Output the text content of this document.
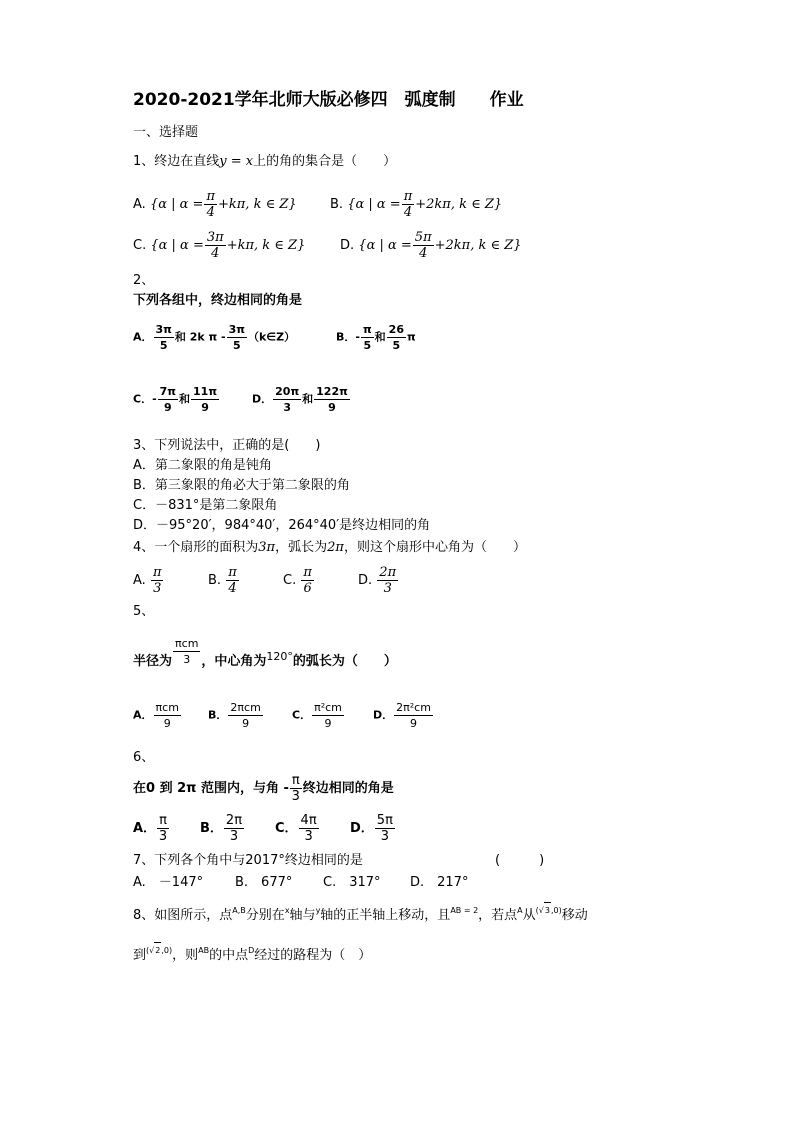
2020-2021学年北师大版必修四　弧度制　　作业
一、选择题
1、终边在直线y = x上的角的集合是（　　）
A. {α | $\alpha = \frac{\pi}{4} +k\pi$, k ∈ Z}	B. {α | $\alpha = \frac{\pi}{4} +2k\pi$, k ∈ Z}
C. {α | $\alpha = \frac{3\pi}{4} +k\pi$, k ∈ Z}	D. {α | $\alpha = \frac{5\pi}{4} +2k\pi$, k ∈ Z}
2、
下列各组中，终边相同的角是
A． $\frac{3\pi}{5}$ 和 2k π - $\frac{3\pi}{5}$ （k∈Z）	B．- $\frac{\pi}{5}$ 和 $\frac{26}{5}$ π
C．- $\frac{7\pi}{9}$ 和 $\frac{11\pi}{9}$	D． $\frac{20\pi}{3}$ 和 $\frac{122\pi}{9}$
3、下列说法中，正确的是(　　)
A．第二象限的角是钝角
B．第三象限的角必大于第二象限的角
C．－831°是第二象限角
D．－95°20′，984°40′，264°40′是终边相同的角
4、一个扇形的面积为3π，弧长为2π，则这个扇形中心角为（　　）
A. $\frac{\pi}{3}$	B. $\frac{\pi}{4}$	C. $\frac{\pi}{6}$	D. $\frac{2\pi}{3}$
5、
半径为
πcm
3 ，中心角为$^{120^\circ}$的弧长为（　　）
A．
πcm
9
B．
2πcm
9
C． $\frac{\text{π²cm}}{9}$	D． $\frac{\text{2π²cm}}{9}$
6、
在0 到 2π 范围内，与角 - $\frac{\pi}{3}$ 终边相同的角是
A． $\frac{\pi}{3}$ B． $\frac{2\pi}{3}$ C． $\frac{4\pi}{3}$ D． $\frac{5\pi}{3}$
7、下列各个角中与2017°终边相同的是	(　　　)
A.　－147° B.　677° C.　317° D.　217°
8、如图所示，点$^{A,B}$分别在$^x$轴与$^y$轴的正半轴上移动，且$^{AB = 2}$，若点$^A$从$^{(√3,0)}$移动
到$^{(√2,0)}$，则$^{AB}$的中点$^D$经过的路程为（　）
